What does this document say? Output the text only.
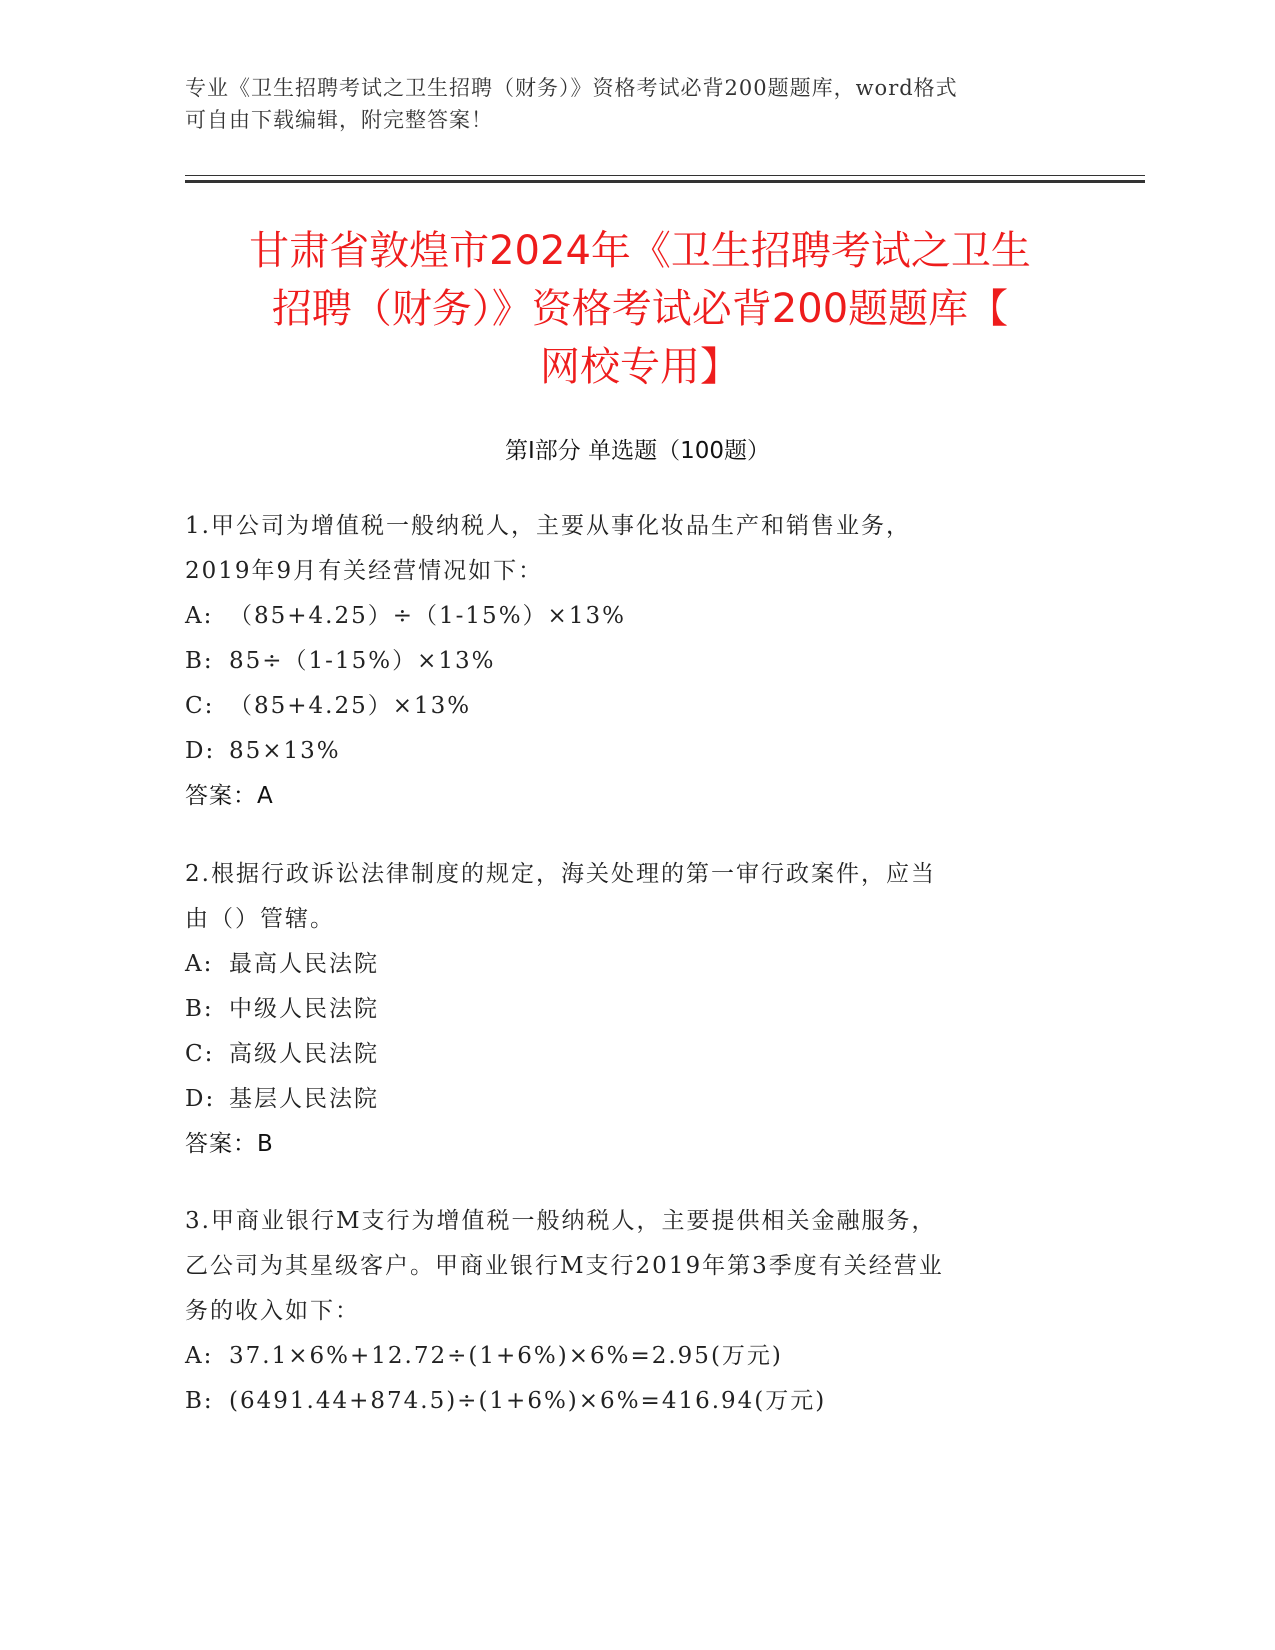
专业《卫生招聘考试之卫生招聘（财务）》资格考试必背200题题库，word格式
可自由下载编辑，附完整答案！
甘肃省敦煌市2024年《卫生招聘考试之卫生
招聘（财务）》资格考试必背200题题库【
网校专用】
第I部分 单选题（100题）
1.甲公司为增值税一般纳税人，主要从事化妆品生产和销售业务，
2019年9月有关经营情况如下：
A: （85+4.25）÷（1-15%）×13%
B: 85÷（1-15%）×13%
C: （85+4.25）×13%
D: 85×13%
答案：A
2.根据行政诉讼法律制度的规定，海关处理的第一审行政案件，应当
由（）管辖。
A: 最高人民法院
B: 中级人民法院
C: 高级人民法院
D: 基层人民法院
答案：B
3.甲商业银行M支行为增值税一般纳税人，主要提供相关金融服务，
乙公司为其星级客户。甲商业银行M支行2019年第3季度有关经营业
务的收入如下：
A: 37.1×6%+12.72÷(1+6%)×6%=2.95(万元)
B: (6491.44+874.5)÷(1+6%)×6%=416.94(万元)
